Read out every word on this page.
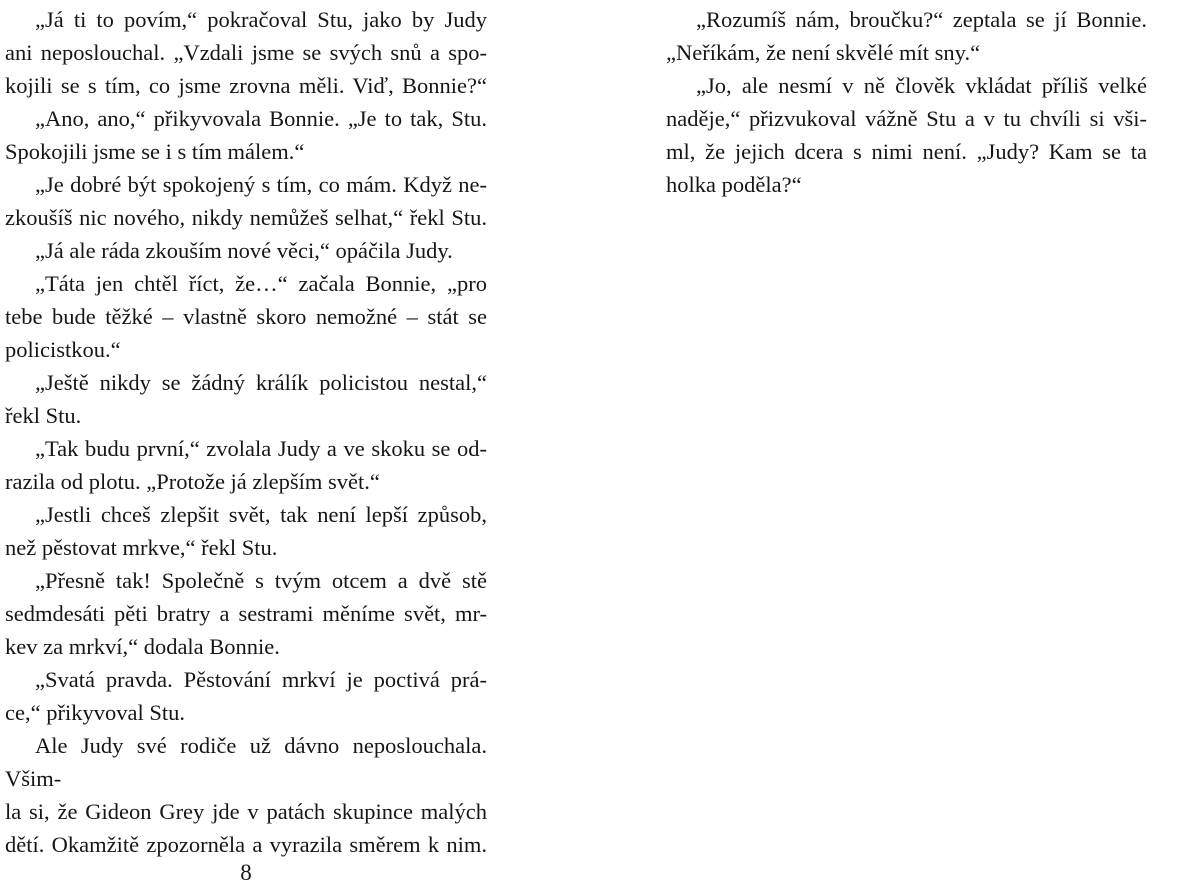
„Já ti to povím,“ pokračoval Stu, jako by Judy
ani neposlouchal. „Vzdali jsme se svých snů a spo-
kojili se s tím, co jsme zrovna měli. Viď, Bonnie?“
„Ano, ano,“ přikyvovala Bonnie. „Je to tak, Stu.
Spokojili jsme se i s tím málem.“
„Je dobré být spokojený s tím, co mám. Když ne-
zkoušíš nic nového, nikdy nemůžeš selhat,“ řekl Stu.
„Já ale ráda zkouším nové věci,“ opáčila Judy.
„Táta jen chtěl říct, že…“ začala Bonnie, „pro
tebe bude těžké – vlastně skoro nemožné – stát se
policistkou.“
„Ještě nikdy se žádný králík policistou nestal,“
řekl Stu.
„Tak budu první,“ zvolala Judy a ve skoku se od-
razila od plotu. „Protože já zlepším svět.“
„Jestli chceš zlepšit svět, tak není lepší způsob,
než pěstovat mrkve,“ řekl Stu.
„Přesně tak! Společně s tvým otcem a dvě stě
sedmdesáti pěti bratry a sestrami měníme svět, mr-
kev za mrkví,“ dodala Bonnie.
„Svatá pravda. Pěstování mrkví je poctivá prá-
ce,“ přikyvoval Stu.
Ale Judy své rodiče už dávno neposlouchala. Všim-
la si, že Gideon Grey jde v patách skupince malých
dětí. Okamžitě zpozorněla a vyrazila směrem k nim.
„Rozumíš nám, broučku?“ zeptala se jí Bonnie.
„Neříkám, že není skvělé mít sny.“
„Jo, ale nesmí v ně člověk vkládat příliš velké
naděje,“ přizvukoval vážně Stu a v tu chvíli si vši-
ml, že jejich dcera s nimi není. „Judy? Kam se ta
holka poděla?“
8
